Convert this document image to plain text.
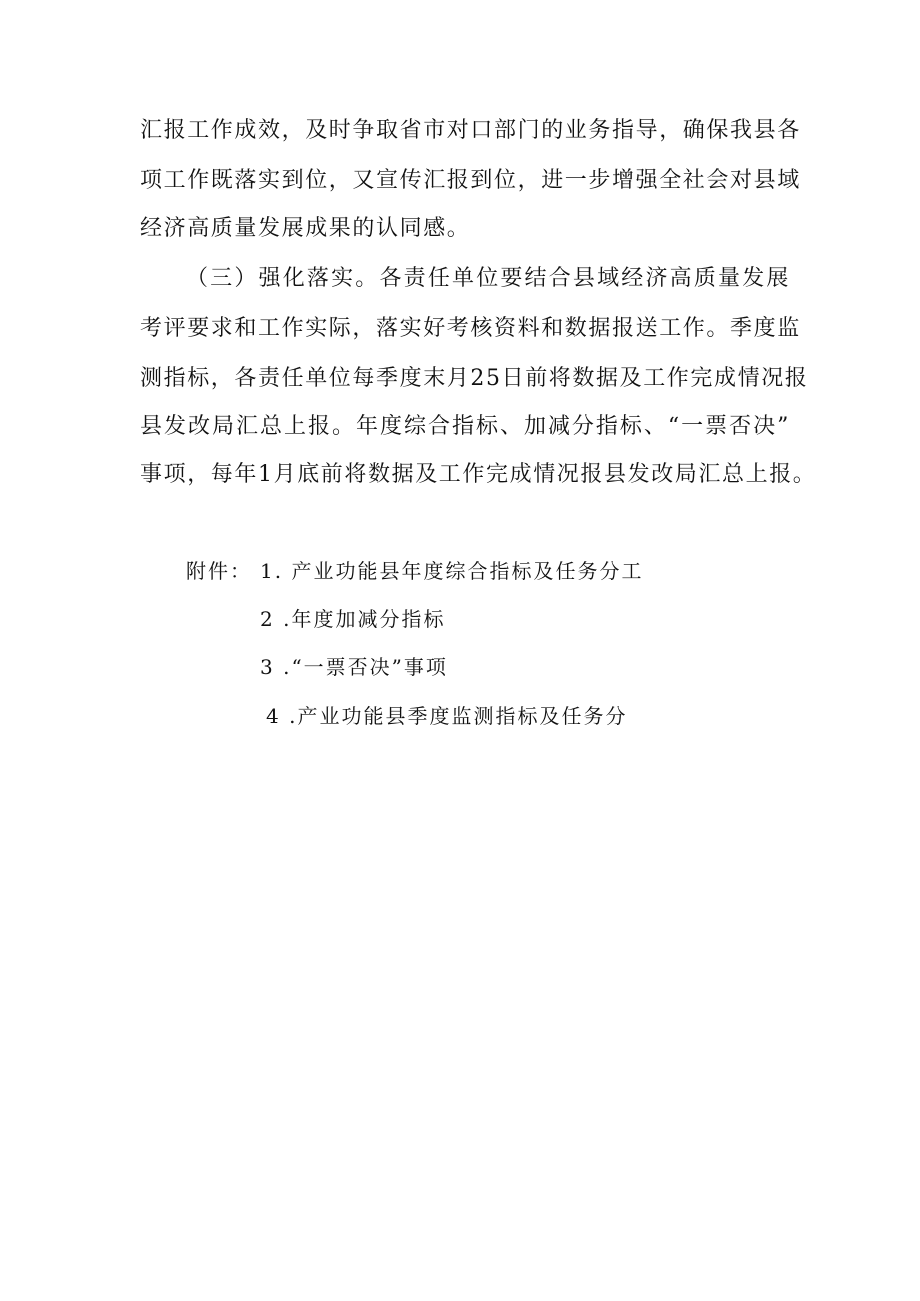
汇报工作成效，及时争取省市对口部门的业务指导，确保我县各
项工作既落实到位，又宣传汇报到位，进一步增强全社会对县域
经济高质量发展成果的认同感。
（三）强化落实。各责任单位要结合县域经济高质量发展
考评要求和工作实际，落实好考核资料和数据报送工作。季度监
测指标，各责任单位每季度末月25日前将数据及工作完成情况报
县发改局汇总上报。年度综合指标、加减分指标、“一票否决”
事项，每年1月底前将数据及工作完成情况报县发改局汇总上报。
附件： 1. 产业功能县年度综合指标及任务分工
2 .年度加减分指标
3 .“一票否决”事项
4 .产业功能县季度监测指标及任务分
